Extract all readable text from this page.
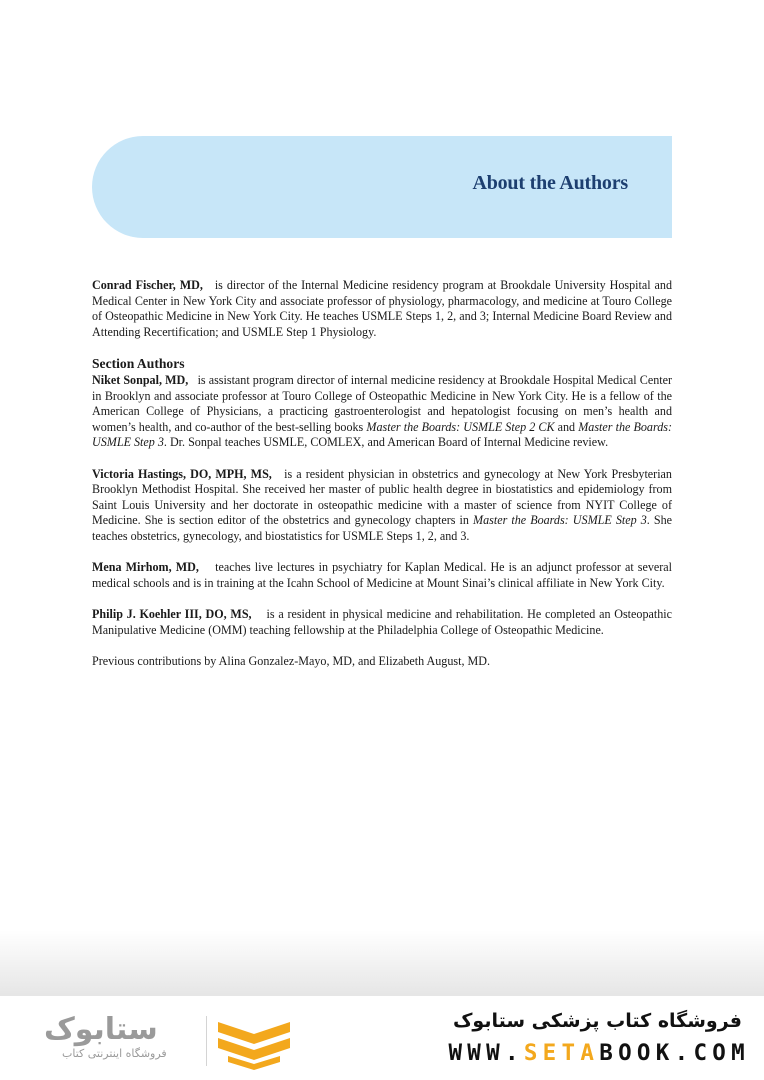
About the Authors

Conrad Fischer, MD, is director of the Internal Medicine residency program at Brookdale University Hospital and Medical Center in New York City and associate professor of physiology, pharmacology, and medicine at Touro College of Osteopathic Medicine in New York City. He teaches USMLE Steps 1, 2, and 3; Internal Medicine Board Review and Attending Recertification; and USMLE Step 1 Physiology.

Section Authors

Niket Sonpal, MD, is assistant program director of internal medicine residency at Brookdale Hospital Medical Center in Brooklyn and associate professor at Touro College of Osteopathic Medicine in New York City. He is a fellow of the American College of Physicians, a practicing gastroenterologist and hepatologist focusing on men’s health and women’s health, and co-author of the best-selling books Master the Boards: USMLE Step 2 CK and Master the Boards: USMLE Step 3. Dr. Sonpal teaches USMLE, COMLEX, and American Board of Internal Medicine review.

Victoria Hastings, DO, MPH, MS, is a resident physician in obstetrics and gynecology at New York Presbyterian Brooklyn Methodist Hospital. She received her master of public health degree in biostatistics and epidemiology from Saint Louis University and her doctorate in osteopathic medicine with a master of science from NYIT College of Medicine. She is section editor of the obstetrics and gynecology chapters in Master the Boards: USMLE Step 3. She teaches obstetrics, gynecology, and biostatistics for USMLE Steps 1, 2, and 3.

Mena Mirhom, MD, teaches live lectures in psychiatry for Kaplan Medical. He is an adjunct professor at several medical schools and is in training at the Icahn School of Medicine at Mount Sinai’s clinical affiliate in New York City.

Philip J. Koehler III, DO, MS, is a resident in physical medicine and rehabilitation. He completed an Osteopathic Manipulative Medicine (OMM) teaching fellowship at the Philadelphia College of Osteopathic Medicine.

Previous contributions by Alina Gonzalez-Mayo, MD, and Elizabeth August, MD.

ستابوک
فروشگاه اینترنتی کتاب
فروشگاه کتاب پزشکی ستابوک
WWW.SETABOOK.COM
